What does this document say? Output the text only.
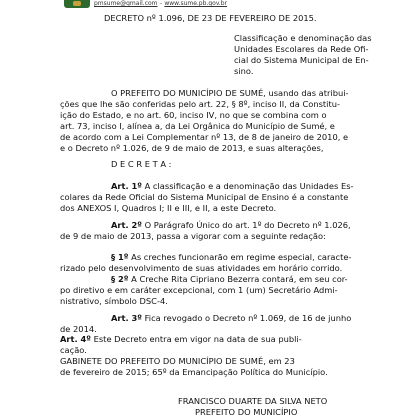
pmsume@gmail.com – www.sume.pb.gov.br
DECRETO nº 1.096, DE 23 DE FEVEREIRO DE 2015.
Classificação e denominação das
Unidades Escolares da Rede Ofi-
cial do Sistema Municipal de En-
sino.
O PREFEITO DO MUNICÍPIO DE SUMÉ, usando das atribui-
ções que lhe são conferidas pelo art. 22, § 8º, inciso II, da Constitu-
ição do Estado, e no art. 60, inciso IV, no que se combina com o
art. 73, inciso I, alínea a, da Lei Orgânica do Município de Sumé, e
de acordo com a Lei Complementar nº 13, de 8 de janeiro de 2010, e
e o Decreto nº 1.026, de 9 de maio de 2013, e suas alterações,
D E C R E T A :
Art. 1º A classificação e a denominação das Unidades Es-
colares da Rede Oficial do Sistema Municipal de Ensino é a constante
dos ANEXOS I, Quadros I; II e III, e II, a este Decreto.
Art. 2º O Parágrafo Único do art. 1º do Decreto nº 1.026,
de 9 de maio de 2013, passa a vigorar com a seguinte redação:
§ 1º As creches funcionarão em regime especial, caracte-
rizado pelo desenvolvimento de suas atividades em horário corrido.
§ 2º A Creche Rita Cipriano Bezerra contará, em seu cor-
po diretivo e em caráter excepcional, com 1 (um) Secretário Admi-
nistrativo, símbolo DSC-4.
Art. 3º Fica revogado o Decreto nº 1.069, de 16 de junho
de 2014.
Art. 4º Este Decreto entra em vigor na data de sua publi-
cação.
GABINETE DO PREFEITO DO MUNICÍPIO DE SUMÉ, em 23
de fevereiro de 2015; 65º da Emancipação Política do Município.
FRANCISCO DUARTE DA SILVA NETO
PREFEITO DO MUNICÍPIO
